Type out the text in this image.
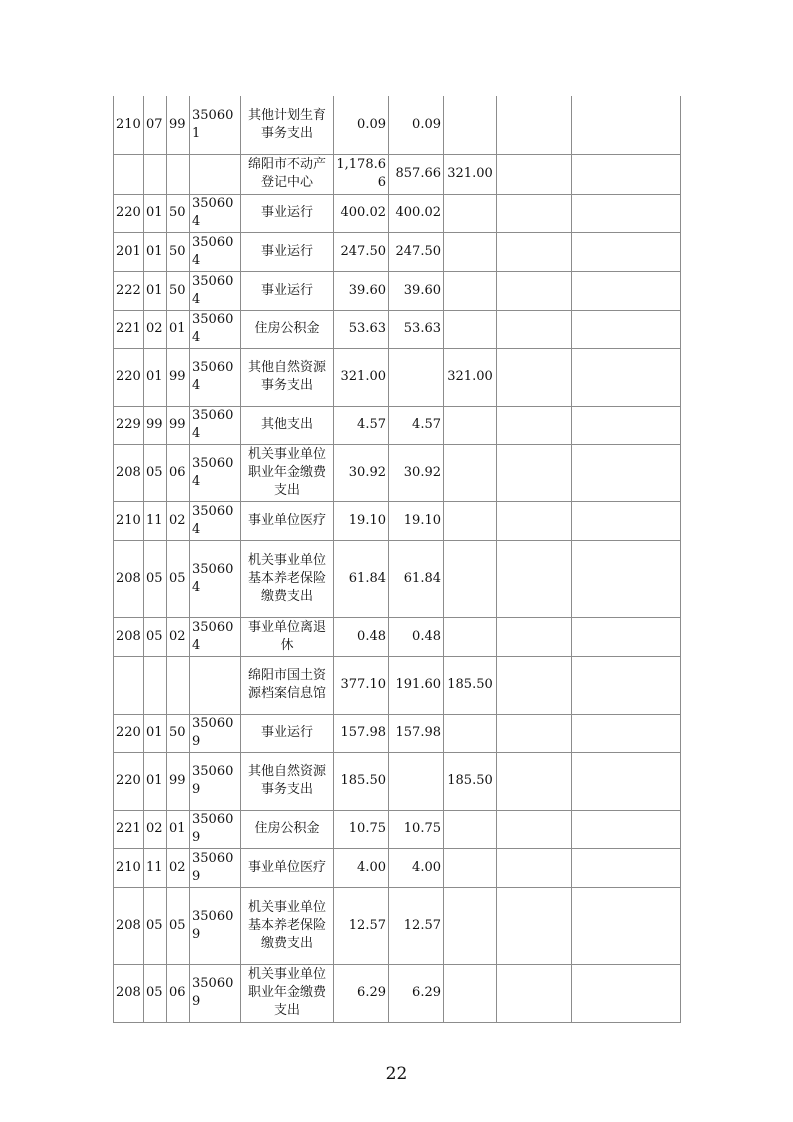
210	07	99	350601	其他计划生育事务支出	0.09	0.09			
				绵阳市不动产登记中心	1,178.66	857.66	321.00		
220	01	50	350604	事业运行	400.02	400.02			
201	01	50	350604	事业运行	247.50	247.50			
222	01	50	350604	事业运行	39.60	39.60			
221	02	01	350604	住房公积金	53.63	53.63			
220	01	99	350604	其他自然资源事务支出	321.00		321.00		
229	99	99	350604	其他支出	4.57	4.57			
208	05	06	350604	机关事业单位职业年金缴费支出	30.92	30.92			
210	11	02	350604	事业单位医疗	19.10	19.10			
208	05	05	350604	机关事业单位基本养老保险缴费支出	61.84	61.84			
208	05	02	350604	事业单位离退休	0.48	0.48			
				绵阳市国土资源档案信息馆	377.10	191.60	185.50		
220	01	50	350609	事业运行	157.98	157.98			
220	01	99	350609	其他自然资源事务支出	185.50		185.50		
221	02	01	350609	住房公积金	10.75	10.75			
210	11	02	350609	事业单位医疗	4.00	4.00			
208	05	05	350609	机关事业单位基本养老保险缴费支出	12.57	12.57			
208	05	06	350609	机关事业单位职业年金缴费支出	6.29	6.29			
22
